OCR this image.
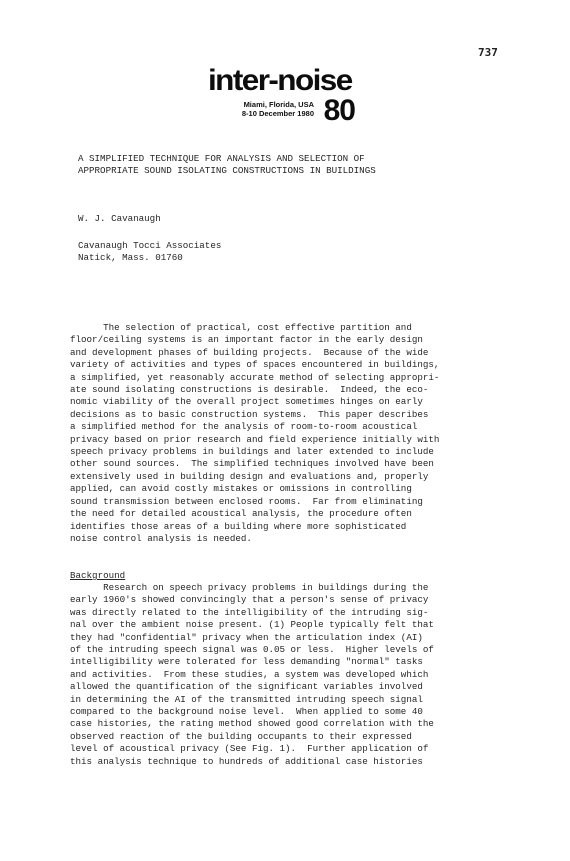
737
inter-noise
Miami, Florida, USA
8-10 December 1980 80
A SIMPLIFIED TECHNIQUE FOR ANALYSIS AND SELECTION OF
APPROPRIATE SOUND ISOLATING CONSTRUCTIONS IN BUILDINGS
W. J. Cavanaugh
Cavanaugh Tocci Associates
Natick, Mass. 01760
The selection of practical, cost effective partition and
floor/ceiling systems is an important factor in the early design
and development phases of building projects.  Because of the wide
variety of activities and types of spaces encountered in buildings,
a simplified, yet reasonably accurate method of selecting appropri-
ate sound isolating constructions is desirable.  Indeed, the eco-
nomic viability of the overall project sometimes hinges on early
decisions as to basic construction systems.  This paper describes
a simplified method for the analysis of room-to-room acoustical
privacy based on prior research and field experience initially with
speech privacy problems in buildings and later extended to include
other sound sources.  The simplified techniques involved have been
extensively used in building design and evaluations and, properly
applied, can avoid costly mistakes or omissions in controlling
sound transmission between enclosed rooms.  Far from eliminating
the need for detailed acoustical analysis, the procedure often
identifies those areas of a building where more sophisticated
noise control analysis is needed.
Background
Research on speech privacy problems in buildings during the
early 1960's showed convincingly that a person's sense of privacy
was directly related to the intelligibility of the intruding sig-
nal over the ambient noise present. (1) People typically felt that
they had "confidential" privacy when the articulation index (AI)
of the intruding speech signal was 0.05 or less.  Higher levels of
intelligibility were tolerated for less demanding "normal" tasks
and activities.  From these studies, a system was developed which
allowed the quantification of the significant variables involved
in determining the AI of the transmitted intruding speech signal
compared to the background noise level.  When applied to some 40
case histories, the rating method showed good correlation with the
observed reaction of the building occupants to their expressed
level of acoustical privacy (See Fig. 1).  Further application of
this analysis technique to hundreds of additional case histories
